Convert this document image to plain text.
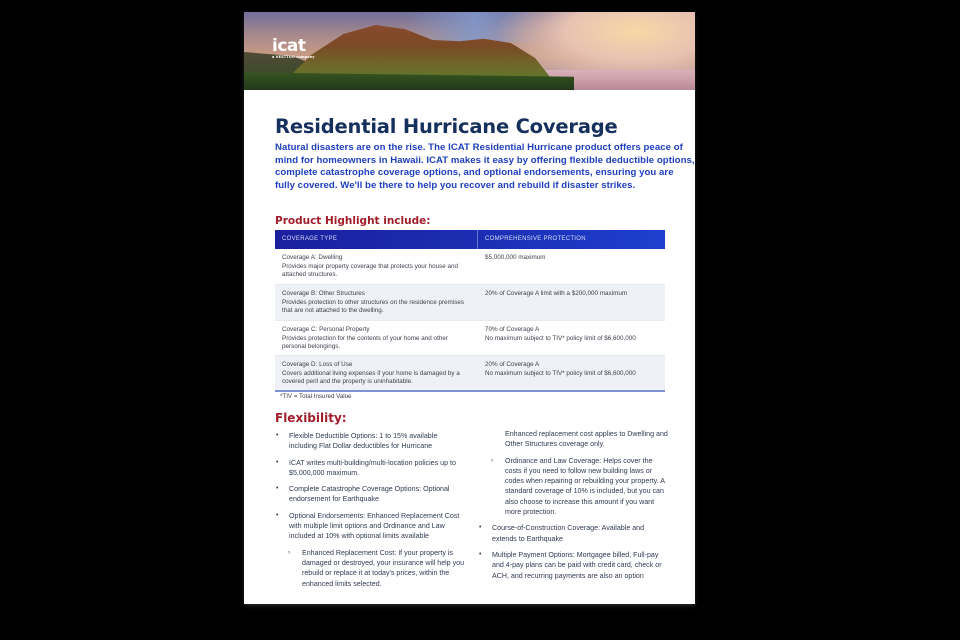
icat
a VESTTOO company
Residential Hurricane Coverage
Natural disasters are on the rise. The ICAT Residential Hurricane product offers peace of mind for homeowners in Hawaii. ICAT makes it easy by offering flexible deductible options, complete catastrophe coverage options, and optional endorsements, ensuring you are fully covered. We'll be there to help you recover and rebuild if disaster strikes.
Product Highlight include:
COVERAGE TYPE	COMPREHENSIVE PROTECTION
Coverage A: Dwelling
Provides major property coverage that protects your house and attached structures.
$5,000,000 maximum
Coverage B: Other Structures
Provides protection to other structures on the residence premises that are not attached to the dwelling.
20% of Coverage A limit with a $200,000 maximum
Coverage C: Personal Property
Provides protection for the contents of your home and other personal belongings.
70% of Coverage A
No maximum subject to TIV* policy limit of $6,600,000
Coverage D: Loss of Use
Covers additional living expenses if your home is damaged by a covered peril and the property is uninhabitable.
20% of Coverage A
No maximum subject to TIV* policy limit of $6,600,000
*TIV = Total Insured Value
Flexibility:
• Flexible Deductible Options: 1 to 15% available including Flat Dollar deductibles for Hurricane
• ICAT writes multi-building/multi-location policies up to $5,000,000 maximum.
• Complete Catastrophe Coverage Options: Optional endorsement for Earthquake
• Optional Endorsements: Enhanced Replacement Cost with multiple limit options and Ordinance and Law included at 10% with optional limits available
› Enhanced Replacement Cost: If your property is damaged or destroyed, your insurance will help you rebuild or replace it at today's prices, within the enhanced limits selected.
Enhanced replacement cost applies to Dwelling and Other Structures coverage only.
› Ordinance and Law Coverage: Helps cover the costs if you need to follow new building laws or codes when repairing or rebuilding your property. A standard coverage of 10% is included, but you can also choose to increase this amount if you want more protection.
• Course-of-Construction Coverage: Available and extends to Earthquake
• Multiple Payment Options: Mortgagee billed, Full-pay and 4-pay plans can be paid with credit card, check or ACH, and recurring payments are also an option
